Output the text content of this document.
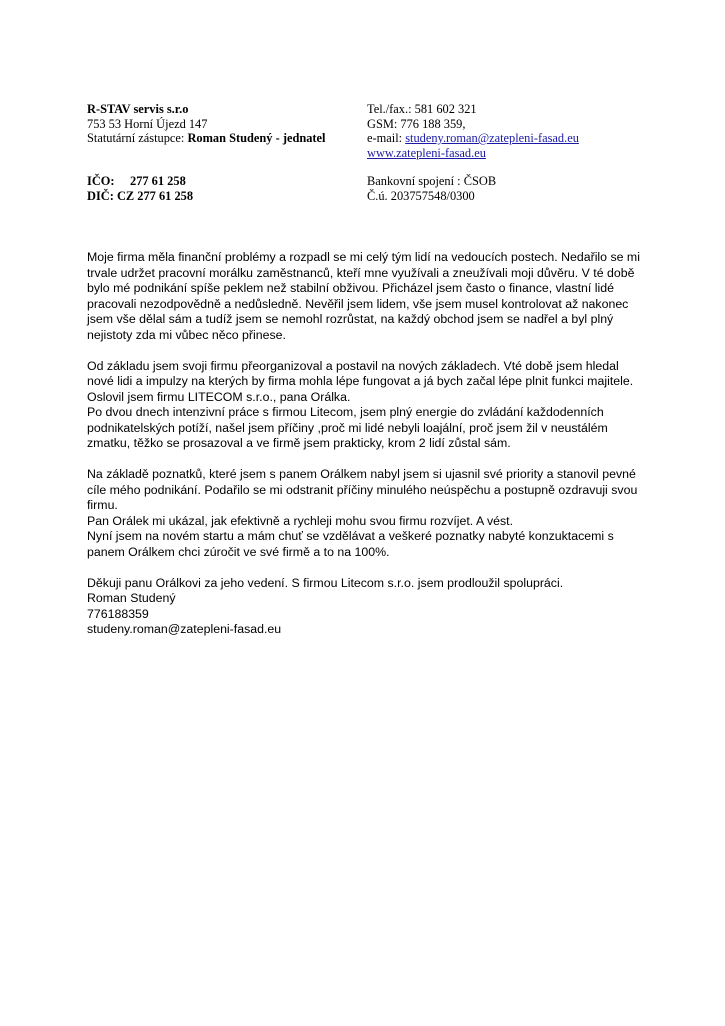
R-STAV servis s.r.o
753 53 Horní Újezd 147
Statutární zástupce: Roman Studený - jednatel
Tel./fax.: 581 602 321
GSM: 776 188 359,
e-mail: studeny.roman@zatepleni-fasad.eu
www.zatepleni-fasad.eu
IČO: 277 61 258
DIČ: CZ 277 61 258
Bankovní spojení : ČSOB
Č.ú. 203757548/0300
Moje firma měla finanční problémy a rozpadl se mi celý tým lidí na vedoucích postech. Nedařilo se mi
trvale udržet pracovní morálku zaměstnanců, kteří mne využívali a zneužívali moji důvěru. V té době
bylo mé podnikání spíše peklem než stabilní obživou. Přicházel jsem často o finance, vlastní lidé
pracovali nezodpovědně a nedůsledně. Nevěřil jsem lidem, vše jsem musel kontrolovat až nakonec
jsem vše dělal sám a tudíž jsem se nemohl rozrůstat, na každý obchod jsem se nadřel a byl plný
nejistoty zda mi vůbec něco přinese.
Od základu jsem svoji firmu přeorganizoval a postavil na nových základech. Vté době jsem hledal
nové lidi a impulzy na kterých by firma mohla lépe fungovat a já bych začal lépe plnit funkci majitele.
Oslovil jsem firmu LITECOM s.r.o., pana Orálka.
Po dvou dnech intenzivní práce s firmou Litecom, jsem plný energie do zvládání každodenních
podnikatelských potíží, našel jsem příčiny ,proč mi lidé nebyli loajální, proč jsem žil v neustálém
zmatku, těžko se prosazoval a ve firmě jsem prakticky, krom 2 lidí zůstal sám.
Na základě poznatků, které jsem s panem Orálkem nabyl jsem si ujasnil své priority a stanovil pevné
cíle mého podnikání. Podařilo se mi odstranit příčiny minulého neúspěchu a postupně ozdravuji svou
firmu.
Pan Orálek mi ukázal, jak efektivně a rychleji mohu svou firmu rozvíjet. A vést.
Nyní jsem na novém startu a mám chuť se vzdělávat a veškeré poznatky nabyté konzuktacemi s
panem Orálkem chci zúročit ve své firmě a to na 100%.
Děkuji panu Orálkovi za jeho vedení. S firmou Litecom s.r.o. jsem prodloužil spolupráci.
Roman Studený
776188359
studeny.roman@zatepleni-fasad.eu
